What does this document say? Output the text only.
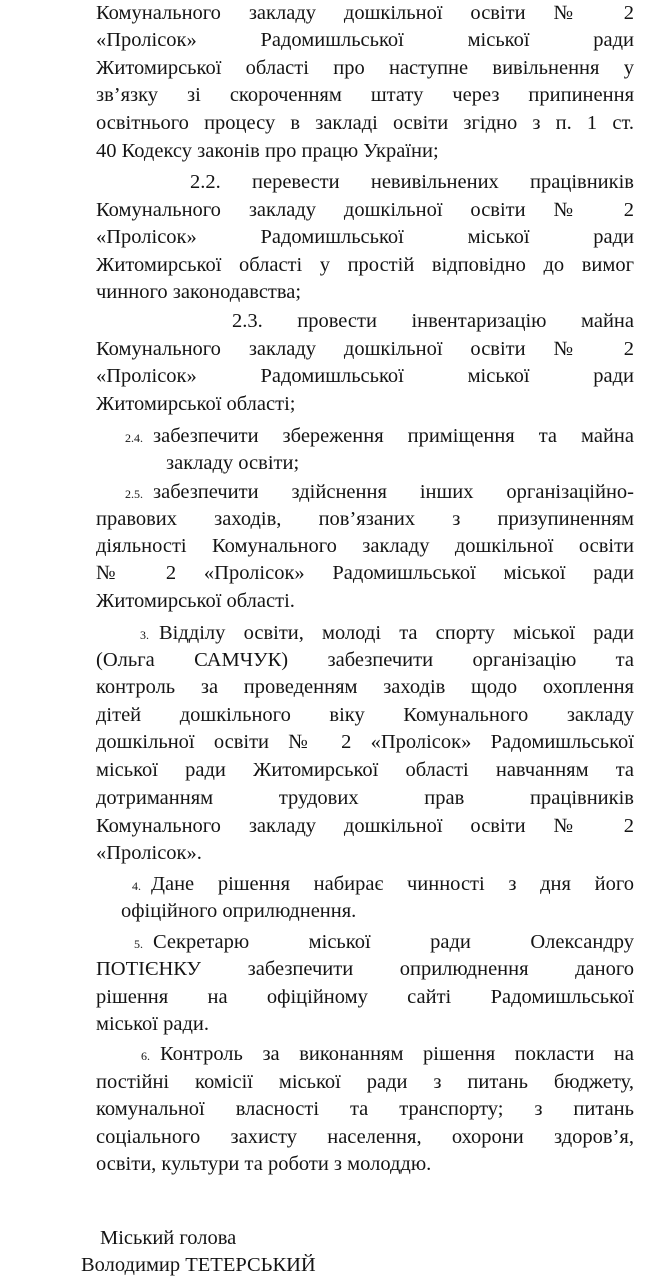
Комунального закладу дошкільної освіти № 2
«Пролісок» Радомишльської міської ради
Житомирської області про наступне вивільнення у
зв’язку зі скороченням штату через припинення
освітнього процесу в закладі освіти згідно з п. 1 ст.
40 Кодексу законів про працю України;
2.2. перевести невивільнених працівників
Комунального закладу дошкільної освіти № 2
«Пролісок» Радомишльської міської ради
Житомирської області у простій відповідно до вимог
чинного законодавства;
2.3. провести інвентаризацію майна
Комунального закладу дошкільної освіти № 2
«Пролісок» Радомишльської міської ради
Житомирської області;
2.4. забезпечити збереження приміщення та майна
закладу освіти;
2.5. забезпечити здійснення інших організаційно-
правових заходів, пов’язаних з призупиненням
діяльності Комунального закладу дошкільної освіти
№ 2 «Пролісок» Радомишльської міської ради
Житомирської області.
3. Відділу освіти, молоді та спорту міської ради
(Ольга САМЧУК) забезпечити організацію та
контроль за проведенням заходів щодо охоплення
дітей дошкільного віку Комунального закладу
дошкільної освіти № 2 «Пролісок» Радомишльської
міської ради Житомирської області навчанням та
дотриманням трудових прав працівників
Комунального закладу дошкільної освіти № 2
«Пролісок».
4. Дане рішення набирає чинності з дня його
офіційного оприлюднення.
5. Секретарю міської ради Олександру
ПОТІЄНКУ забезпечити оприлюднення даного
рішення на офіційному сайті Радомишльської
міської ради.
6. Контроль за виконанням рішення покласти на
постійні комісії міської ради з питань бюджету,
комунальної власності та транспорту; з питань
соціального захисту населення, охорони здоров’я,
освіти, культури та роботи з молоддю.
Міський голова
Володимир ТЕТЕРСЬКИЙ
